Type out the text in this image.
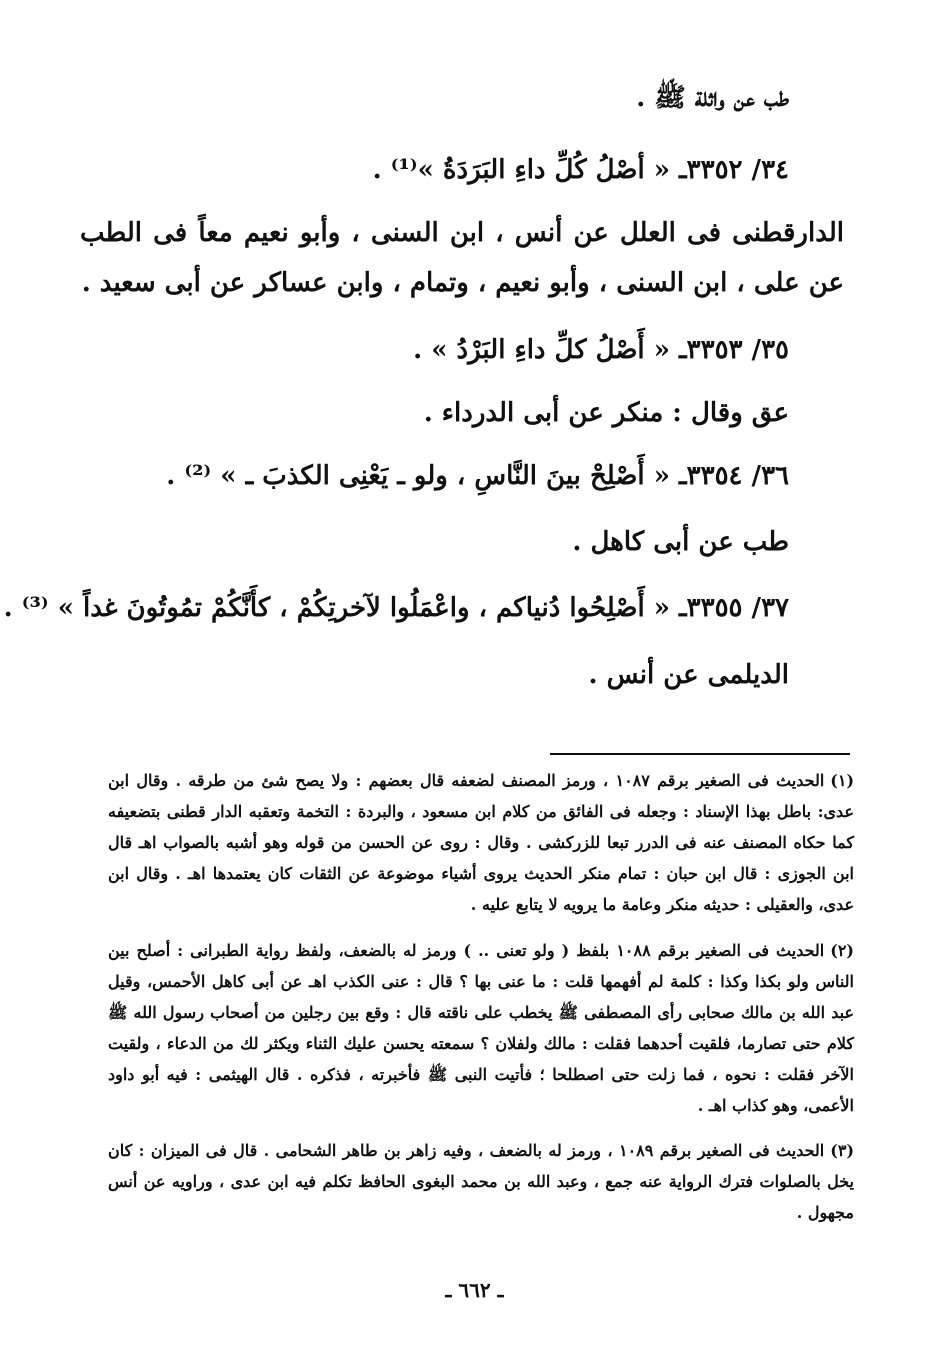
طب عن واثلة ﷺ .
٣٤/ ٣٣٥٢ـ « أصْلُ كُلِّ داءِ البَرَدَةُ »⁽¹⁾ .
الدارقطنى فى العلل عن أنس ، ابن السنى ، وأبو نعيم معاً فى الطب عن على ، ابن السنى ، وأبو نعيم ، وتمام ، وابن عساكر عن أبى سعيد .
٣٥/ ٣٣٥٣ـ « أَصْلُ كلِّ داءِ البَرْدُ » .
عق وقال : منكر عن أبى الدرداء .
٣٦/ ٣٣٥٤ـ « أَصْلِحْ بينَ النَّاسِ ، ولو ـ يَعْنِى الكذبَ ـ » ⁽²⁾ .
طب عن أبى كاهل .
٣٧/ ٣٣٥٥ـ « أَصْلِحُوا دُنياكم ، واعْمَلُوا لآخرتِكُمْ ، كأَنَّكُمْ تمُوتُونَ غداً » ⁽³⁾ .
الديلمى عن أنس .
(١)الحديث فى الصغير برقم ١٠٨٧ ، ورمز المصنف لضعفه قال بعضهم : ولا يصح شئ من طرقه . وقال ابن عدى: باطل بهذا الإسناد : وجعله فى الفائق من كلام ابن مسعود ، والبردة : التخمة وتعقبه الدار قطنى بتضعيفه كما حكاه المصنف عنه فى الدرر تبعا للزركشى . وقال : روى عن الحسن من قوله وهو أشبه بالصواب اهـ قال ابن الجوزى : قال ابن حبان : تمام منكر الحديث يروى أشياء موضوعة عن الثقات كان يعتمدها اهـ . وقال ابن عدى، والعقيلى : حديثه منكر وعامة ما يرويه لا يتابع عليه .
(٢)الحديث فى الصغير برقم ١٠٨٨ بلفظ ( ولو تعنى .. ) ورمز له بالضعف، ولفظ رواية الطبرانى : أصلح بين الناس ولو بكذا وكذا : كلمة لم أفهمها قلت : ما عنى بها ؟ قال : عنى الكذب اهـ عن أبى كاهل الأحمس، وقيل عبد الله بن مالك صحابى رأى المصطفى ﷺ يخطب على ناقته قال : وقع بين رجلين من أصحاب رسول الله ﷺ كلام حتى تصارما، فلقيت أحدهما فقلت : مالك ولفلان ؟ سمعته يحسن عليك الثناء ويكثر لك من الدعاء ، ولقيت الآخر فقلت : نحوه ، فما زلت حتى اصطلحا ؛ فأتيت النبى ﷺ فأخبرته ، فذكره . قال الهيثمى : فيه أبو داود الأعمى، وهو كذاب اهـ .
(٣)الحديث فى الصغير برقم ١٠٨٩ ، ورمز له بالضعف ، وفيه زاهر بن طاهر الشحامى . قال فى الميزان : كان يخل بالصلوات فترك الرواية عنه جمع ، وعبد الله بن محمد البغوى الحافظ تكلم فيه ابن عدى ، وراويه عن أنس مجهول .
ـ ٦٦٢ ـ
